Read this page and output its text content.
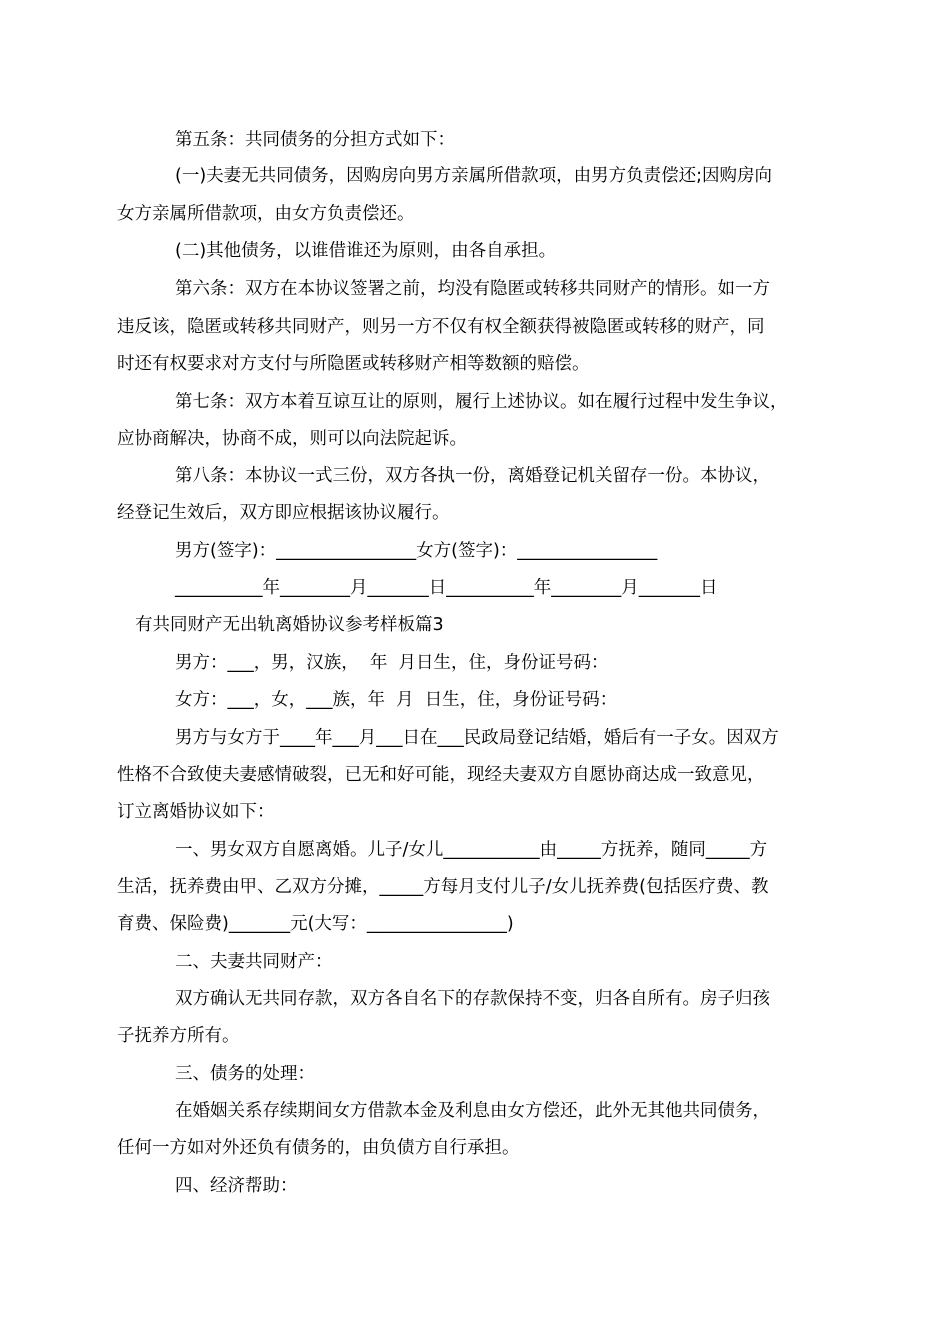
第五条：共同债务的分担方式如下：
(一)夫妻无共同债务，因购房向男方亲属所借款项，由男方负责偿还;因购房向
女方亲属所借款项，由女方负责偿还。
(二)其他债务，以谁借谁还为原则，由各自承担。
第六条：双方在本协议签署之前，均没有隐匿或转移共同财产的情形。如一方
违反该，隐匿或转移共同财产，则另一方不仅有权全额获得被隐匿或转移的财产，同
时还有权要求对方支付与所隐匿或转移财产相等数额的赔偿。
第七条：双方本着互谅互让的原则，履行上述协议。如在履行过程中发生争议，
应协商解决，协商不成，则可以向法院起诉。
第八条：本协议一式三份，双方各执一份，离婚登记机关留存一份。本协议，
经登记生效后，双方即应根据该协议履行。
男方(签字)：________________女方(签字)：________________
__________年________月_______日__________年________月_______日
有共同财产无出轨离婚协议参考样板篇3
男方：___，男，汉族，  年  月日生，住，身份证号码：
女方：___，女，___族，年  月  日生，住，身份证号码：
男方与女方于____年___月___日在___民政局登记结婚，婚后有一子女。因双方
性格不合致使夫妻感情破裂，已无和好可能，现经夫妻双方自愿协商达成一致意见，
订立离婚协议如下：
一、男女双方自愿离婚。儿子/女儿___________由_____方抚养，随同_____方
生活，抚养费由甲、乙双方分摊，_____方每月支付儿子/女儿抚养费(包括医疗费、教
育费、保险费)_______元(大写：________________)
二、夫妻共同财产：
双方确认无共同存款，双方各自名下的存款保持不变，归各自所有。房子归孩
子抚养方所有。
三、债务的处理：
在婚姻关系存续期间女方借款本金及利息由女方偿还，此外无其他共同债务，
任何一方如对外还负有债务的，由负债方自行承担。
四、经济帮助：
